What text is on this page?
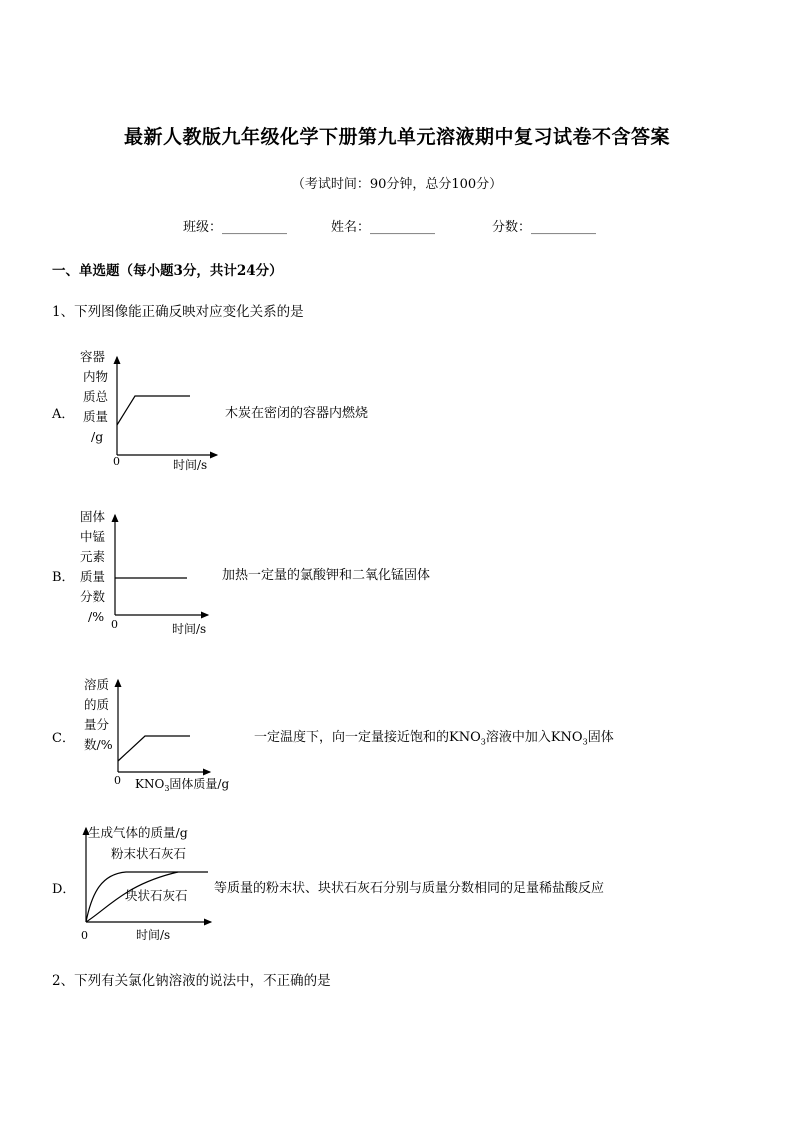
最新人教版九年级化学下册第九单元溶液期中复习试卷不含答案
（考试时间：90分钟，总分100分）
班级：__________	姓名：__________	分数：__________
一、单选题（每小题3分，共计24分）
1、下列图像能正确反映对应变化关系的是
A．
容器
内物
质总
质量
/g
0	时间/s
木炭在密闭的容器内燃烧
B．
固体
中锰
元素
质量
分数
/%
0	时间/s
加热一定量的氯酸钾和二氧化锰固体
C．
溶质
的质
量分
数/%
0 $KNO_3$固体质量/g
一定温度下，向一定量接近饱和的$KNO_3$溶液中加入$KNO_3$固体
D．
生成气体的质量/g
粉末状石灰石
块状石灰石
0	时间/s
等质量的粉末状、块状石灰石分别与质量分数相同的足量稀盐酸反应
2、下列有关氯化钠溶液的说法中，不正确的是
